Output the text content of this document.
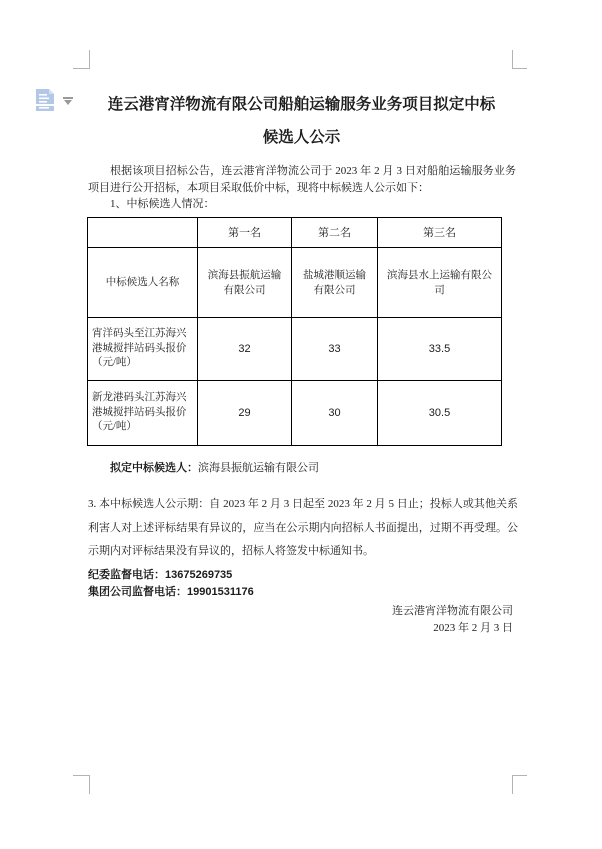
连云港宵洋物流有限公司船舶运输服务业务项目拟定中标
候选人公示
根据该项目招标公告，连云港宵洋物流公司于 2023 年 2 月 3 日对船舶运输服务业务项目进行公开招标，本项目采取低价中标，现将中标候选人公示如下：
1、中标候选人情况：
	第一名	第二名	第三名
中标候选人名称	滨海县振航运输有限公司	盐城港顺运输有限公司	滨海县水上运输有限公司
宵洋码头至江苏海兴港城搅拌站码头报价（元/吨）	32	33	33.5
新龙港码头江苏海兴港城搅拌站码头报价（元/吨）	29	30	30.5
拟定中标候选人：滨海县振航运输有限公司
3. 本中标候选人公示期：自 2023 年 2 月 3 日起至 2023 年 2 月 5 日止；投标人或其他关系利害人对上述评标结果有异议的，应当在公示期内向招标人书面提出，过期不再受理。公示期内对评标结果没有异议的，招标人将签发中标通知书。
纪委监督电话：13675269735
集团公司监督电话：19901531176
连云港宵洋物流有限公司
2023 年 2 月 3 日
